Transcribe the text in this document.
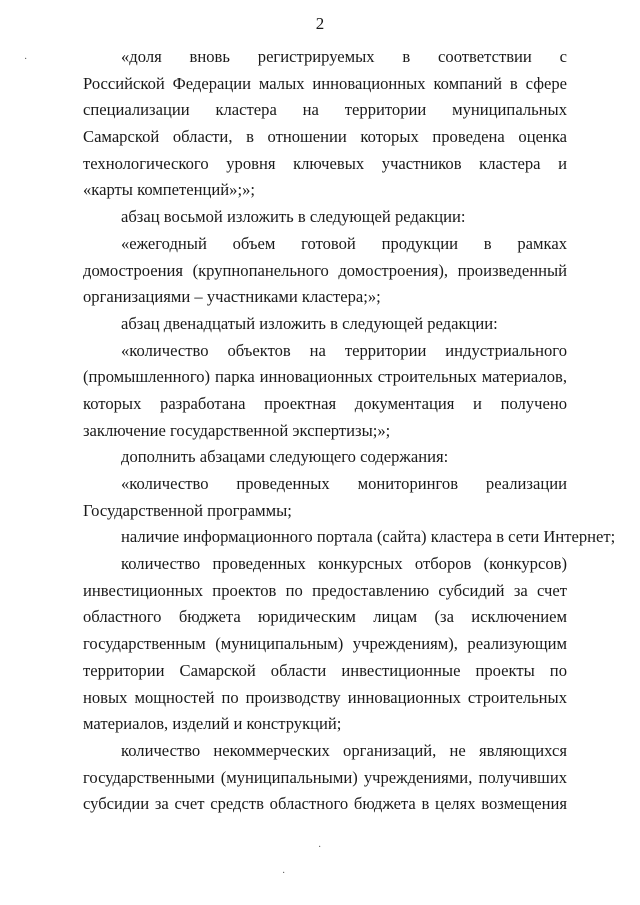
2
«доля вновь регистрируемых в соответствии с
Российской Федерации малых инновационных компаний в сфере
специализации кластера на территории муниципальных
Самарской области, в отношении которых проведена оценка
технологического уровня ключевых участников кластера и
«карты компетенций»;»;
абзац восьмой изложить в следующей редакции:
«ежегодный объем готовой продукции в рамках
домостроения (крупнопанельного домостроения), произведенный
организациями – участниками кластера;»;
абзац двенадцатый изложить в следующей редакции:
«количество объектов на территории индустриального
(промышленного) парка инновационных строительных материалов,
которых разработана проектная документация и получено
заключение государственной экспертизы;»;
дополнить абзацами следующего содержания:
«количество проведенных мониторингов реализации
Государственной программы;
наличие информационного портала (сайта) кластера в сети Интернет;
количество проведенных конкурсных отборов (конкурсов)
инвестиционных проектов по предоставлению субсидий за счет
областного бюджета юридическим лицам (за исключением
государственным (муниципальным) учреждениям), реализующим
территории Самарской области инвестиционные проекты по
новых мощностей по производству инновационных строительных
материалов, изделий и конструкций;
количество некоммерческих организаций, не являющихся
государственными (муниципальными) учреждениями, получивших
субсидии за счет средств областного бюджета в целях возмещения
·
·
·
